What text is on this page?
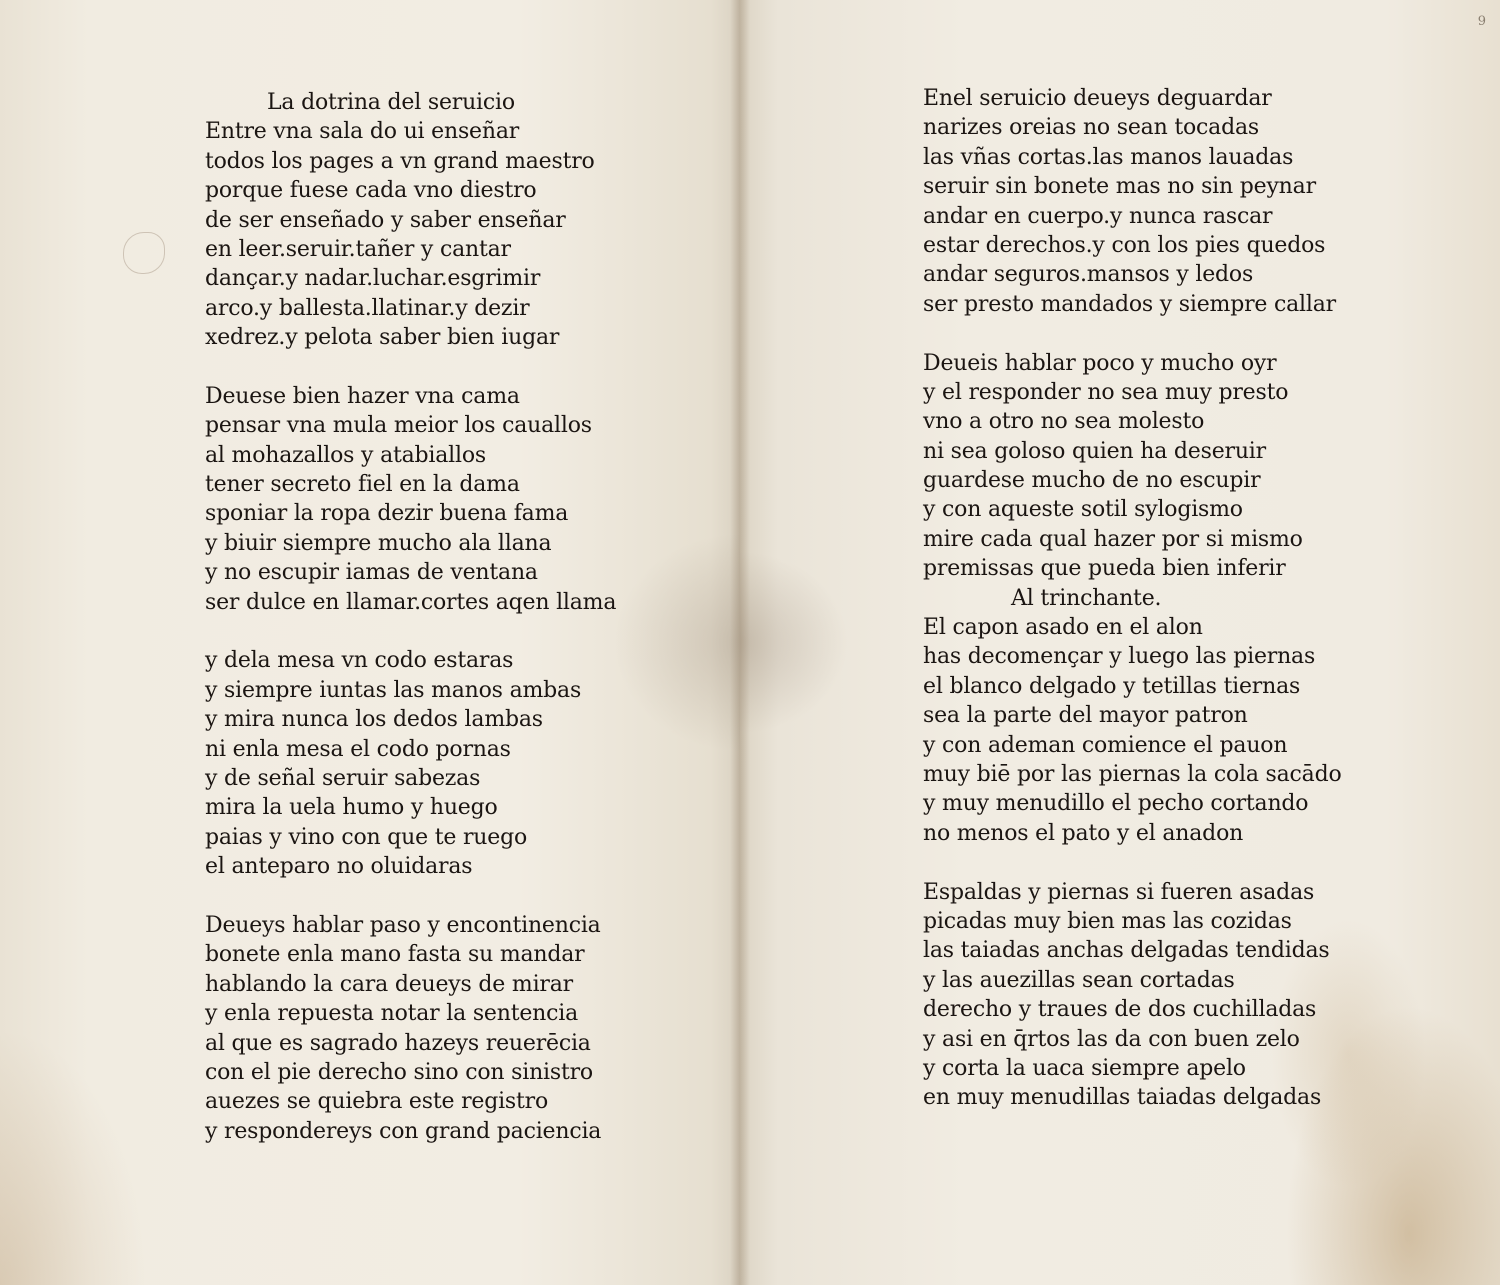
La dotrina del seruicio
Entre vna sala do ui enseñar
todos los pages a vn grand maestro
porque fuese cada vno diestro
de ser enseñado y saber enseñar
en leer.seruir.tañer y cantar
dançar.y nadar.luchar.esgrimir
arco.y ballesta.llatinar.y dezir
xedrez.y pelota saber bien iugar
Deuese bien hazer vna cama
pensar vna mula meior los cauallos
al mohazallos y atabiallos
tener secreto fiel en la dama
sponiar la ropa dezir buena fama
y biuir siempre mucho ala llana
y no escupir iamas de ventana
ser dulce en llamar.cortes aqen llama
y dela mesa vn codo estaras
y siempre iuntas las manos ambas
y mira nunca los dedos lambas
ni enla mesa el codo pornas
y de señal seruir sabezas
mira la uela humo y huego
paias y vino con que te ruego
el anteparo no oluidaras
Deueys hablar paso y encontinencia
bonete enla mano fasta su mandar
hablando la cara deueys de mirar
y enla repuesta notar la sentencia
al que es sagrado hazeys reuerēcia
con el pie derecho sino con sinistro
auezes se quiebra este registro
y respondereys con grand paciencia
9
Enel seruicio deueys deguardar
narizes oreias no sean tocadas
las vñas cortas.las manos lauadas
seruir sin bonete mas no sin peynar
andar en cuerpo.y nunca rascar
estar derechos.y con los pies quedos
andar seguros.mansos y ledos
ser presto mandados y siempre callar
Deueis hablar poco y mucho oyr
y el responder no sea muy presto
vno a otro no sea molesto
ni sea goloso quien ha deseruir
guardese mucho de no escupir
y con aqueste sotil sylogismo
mire cada qual hazer por si mismo
premissas que pueda bien inferir
Al trinchante.
El capon asado en el alon
has decomençar y luego las piernas
el blanco delgado y tetillas tiernas
sea la parte del mayor patron
y con ademan comience el pauon
muy biē por las piernas la cola sacādo
y muy menudillo el pecho cortando
no menos el pato y el anadon
Espaldas y piernas si fueren asadas
picadas muy bien mas las cozidas
las taiadas anchas delgadas tendidas
y las auezillas sean cortadas
derecho y traues de dos cuchilladas
y asi en q̄rtos las da con buen zelo
y corta la uaca siempre apelo
en muy menudillas taiadas delgadas
